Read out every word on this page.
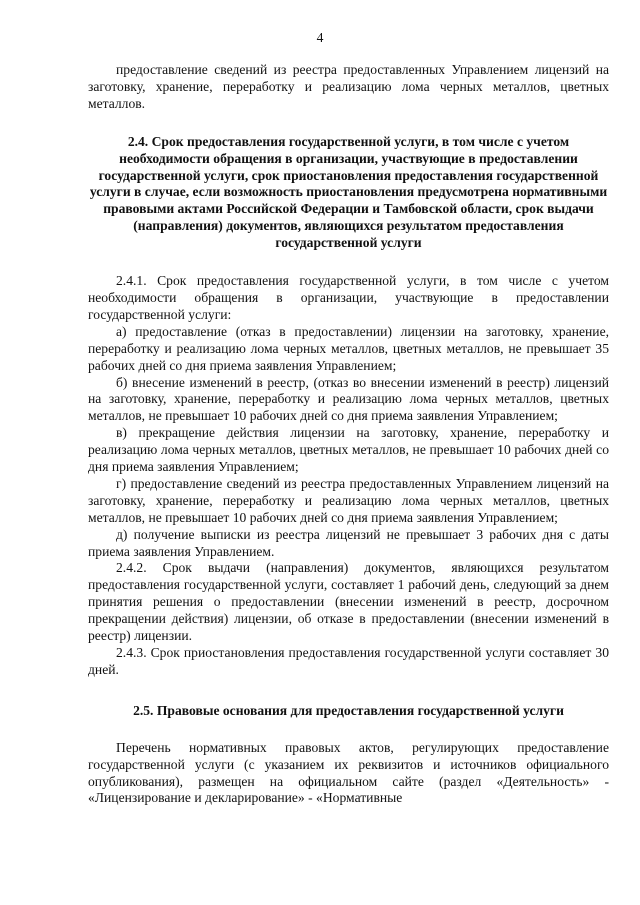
4

предоставление сведений из реестра предоставленных Управлением лицензий на заготовку, хранение, переработку и реализацию лома черных металлов, цветных металлов.

2.4. Срок предоставления государственной услуги, в том числе с учетом необходимости обращения в организации, участвующие в предоставлении государственной услуги, срок приостановления предоставления государственной услуги в случае, если возможность приостановления предусмотрена нормативными правовыми актами Российской Федерации и Тамбовской области, срок выдачи (направления) документов, являющихся результатом предоставления государственной услуги

2.4.1. Срок предоставления государственной услуги, в том числе с учетом необходимости обращения в организации, участвующие в предоставлении государственной услуги:

а) предоставление (отказ в предоставлении) лицензии на заготовку, хранение, переработку и реализацию лома черных металлов, цветных металлов, не превышает 35 рабочих дней со дня приема заявления Управлением;

б) внесение изменений в реестр, (отказ во внесении изменений в реестр) лицензий на заготовку, хранение, переработку и реализацию лома черных металлов, цветных металлов, не превышает 10 рабочих дней со дня приема заявления Управлением;

в) прекращение действия лицензии на заготовку, хранение, переработку и реализацию лома черных металлов, цветных металлов, не превышает 10 рабочих дней со дня приема заявления Управлением;

г) предоставление сведений из реестра предоставленных Управлением лицензий на заготовку, хранение, переработку и реализацию лома черных металлов, цветных металлов, не превышает 10 рабочих дней со дня приема заявления Управлением;

д) получение выписки из реестра лицензий не превышает 3 рабочих дня с даты приема заявления Управлением.

2.4.2. Срок выдачи (направления) документов, являющихся результатом предоставления государственной услуги, составляет 1 рабочий день, следующий за днем принятия решения о предоставлении (внесении изменений в реестр, досрочном прекращении действия) лицензии, об отказе в предоставлении (внесении изменений в реестр) лицензии.

2.4.3. Срок приостановления предоставления государственной услуги составляет 30 дней.

2.5. Правовые основания для предоставления государственной услуги

Перечень нормативных правовых актов, регулирующих предоставление государственной услуги (с указанием их реквизитов и источников официального опубликования), размещен на официальном сайте (раздел «Деятельность» - «Лицензирование и декларирование» - «Нормативные
